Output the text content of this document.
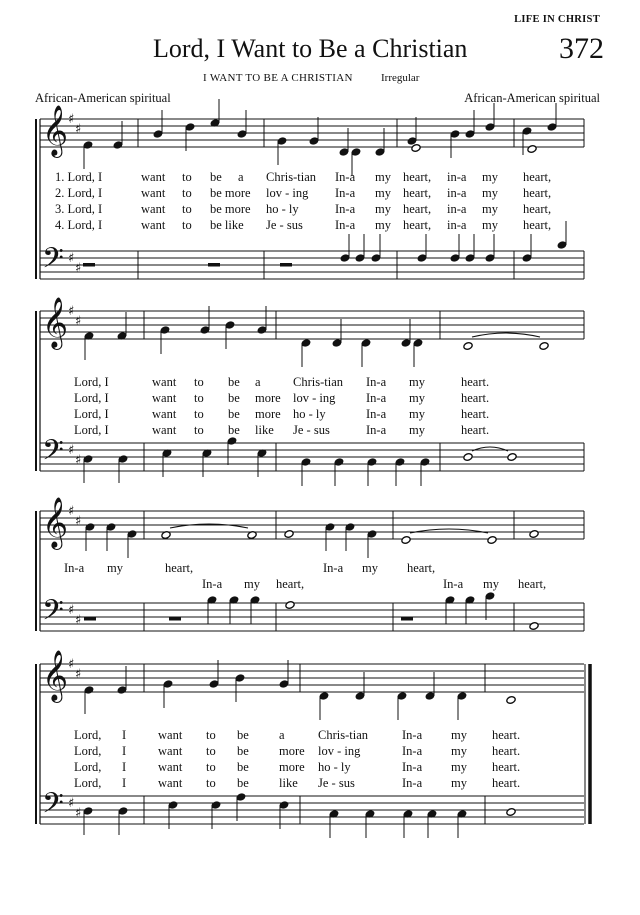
LIFE IN CHRIST
Lord, I Want to Be a Christian	372
I WANT TO BE A CHRISTIAN	Irregular
African-American spiritual	African-American spiritual
𝄞
𝄢
♯
♯
♯
♯
𝄞
𝄢
♯
♯
♯
♯
𝄞
𝄢
♯
♯
♯
♯
𝄞
𝄢
♯
♯
♯
♯
1. Lord, I	want to be a Chris-tian In-a my heart, in-a my heart,
2. Lord, I	want to be more lov - ing In-a my heart, in-a my heart,
3. Lord, I	want to be more ho - ly	In-a my heart, in-a my heart,
4. Lord, I	want to be like Je - sus	In-a my heart, in-a my heart,
Lord, I	want to be a	Chris-tian In-a my	heart.
Lord, I	want to be more lov - ing In-a my	heart.
Lord, I	want to be more ho - ly	In-a my	heart.
Lord, I	want to be like Je - sus	In-a my	heart.
In-a my	heart,	In-a my heart,
In-a my heart,	In-a my heart,
Lord, I	want to be a	Chris-tian	In-a my heart.
Lord, I	want to be more lov - ing	In-a my heart.
Lord, I	want to be more ho - ly	In-a my heart.
Lord, I	want to be like Je - sus	In-a my heart.
